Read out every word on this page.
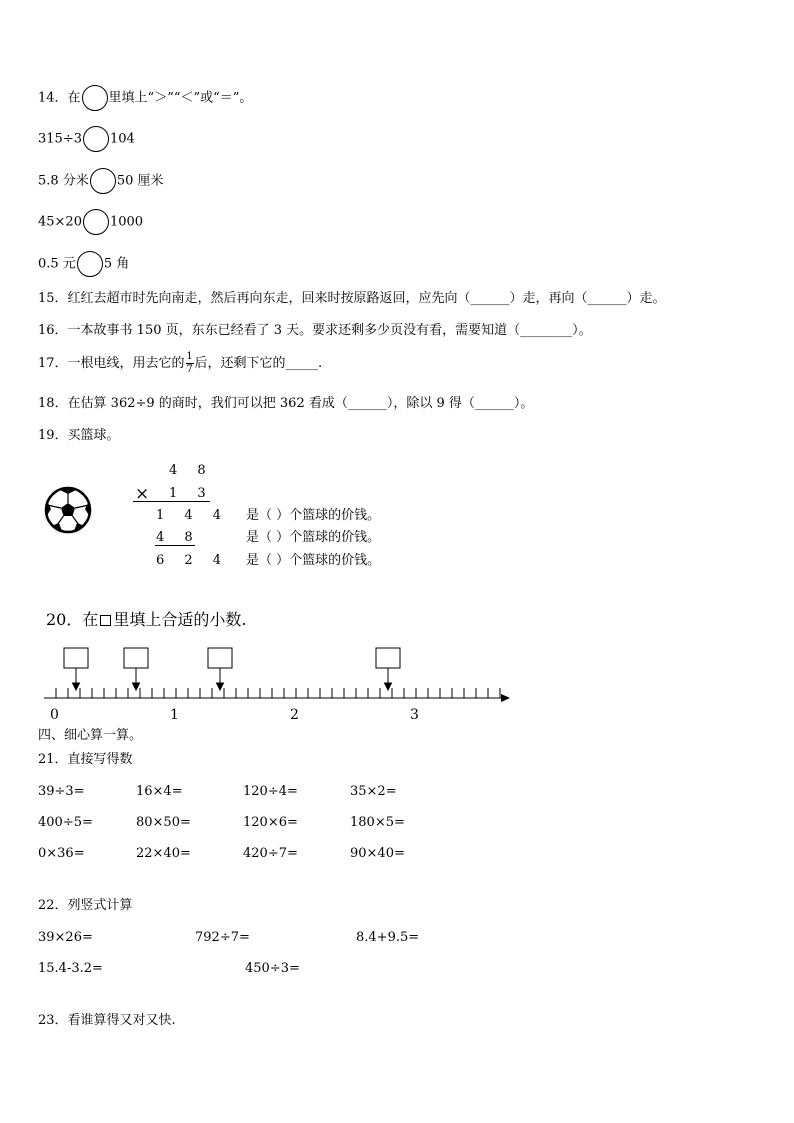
14．在 里填上“＞”“＜”或“＝”。
315÷3 104
5.8 分米 50 厘米
45×20 1000
0.5 元 5 角
15．红红去超市时先向南走，然后再向东走，回来时按原路返回，应先向（______）走，再向（______）走。
16．一本故事书 150 页，东东已经看了 3 天。要求还剩多少页没有看，需要知道（________）。
17．一根电线，用去它的 $\frac{1}{7}$ 后，还剩下它的_____.
18．在估算 362÷9 的商时，我们可以把 362 看成（______），除以 9 得（______）。
19．买篮球。
4 8
× 1 3
1 4 4
4 8
6 2 4
是（ ）个篮球的价钱。
是（ ）个篮球的价钱。
是（ ）个篮球的价钱。
20．在 里填上合适的小数.
0	1	2	3
四、细心算一算。
21．直接写得数
39÷3=	16×4=	120÷4=	35×2=
400÷5=	80×50=	120×6=	180×5=
0×36=	22×40=	420÷7=	90×40=
22．列竖式计算
39×26=	792÷7=	8.4+9.5=
15.4-3.2=	450÷3=
23．看谁算得又对又快.
